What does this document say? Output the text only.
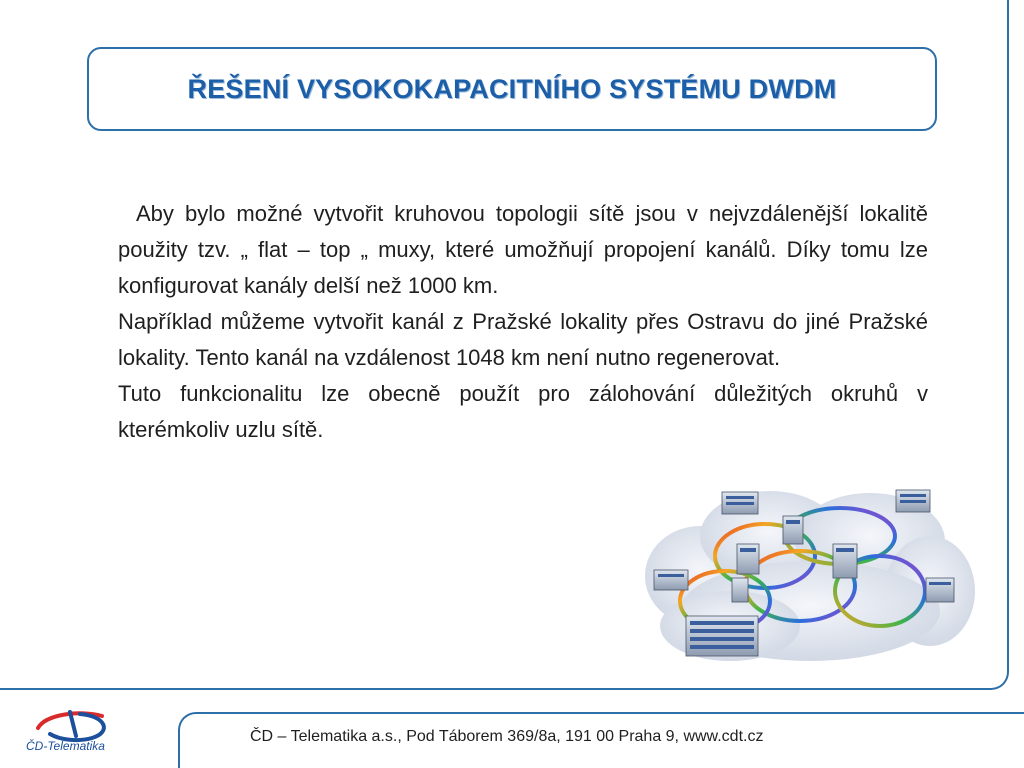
ŘEŠENÍ VYSOKOKAPACITNÍHO SYSTÉMU DWDM

Aby bylo možné vytvořit kruhovou topologii sítě jsou v nejvzdálenější lokalitě použity tzv. „ flat – top „ muxy, které umožňují propojení kanálů. Díky tomu lze konfigurovat kanály delší než 1000 km.

Například můžeme vytvořit kanál z Pražské lokality přes Ostravu do jiné Pražské lokality. Tento kanál na vzdálenost 1048 km není nutno regenerovat.

Tuto funkcionalitu lze obecně použít pro zálohování důležitých okruhů v kterémkoliv uzlu sítě.

ČD – Telematika a.s., Pod Táborem 369/8a, 191 00 Praha 9, www.cdt.cz
ČD-Telematika
